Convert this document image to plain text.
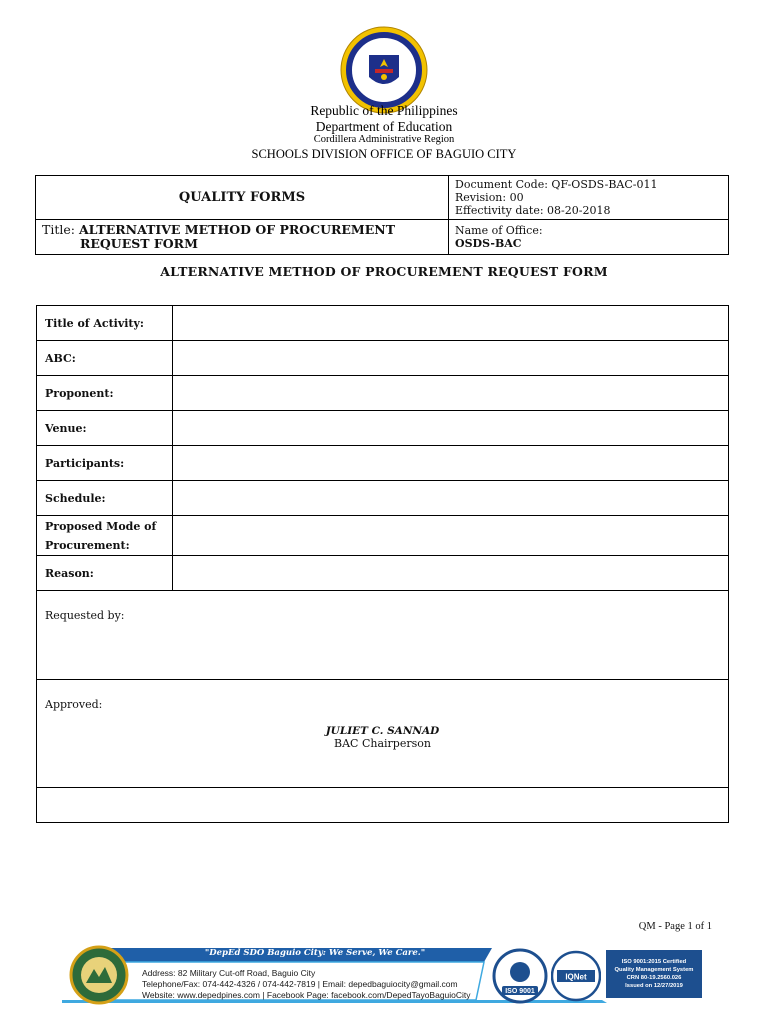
Republic of the Philippines
Department of Education
Cordillera Administrative Region
SCHOOLS DIVISION OFFICE OF BAGUIO CITY
QUALITY FORMS	Document Code: QF-OSDS-BAC-011
Revision: 00
Effectivity date: 08-20-2018

Title: ALTERNATIVE METHOD OF PROCUREMENT
REQUEST FORM	Name of Office:
OSDS-BAC
ALTERNATIVE METHOD OF PROCUREMENT REQUEST FORM
Title of Activity:	
ABC:	
Proponent:	
Venue:	
Participants:	
Schedule:	

Proposed Mode of
Procurement:	

Reason:	
Requested by:	
Approved:
JULIET C. SANNAD
BAC Chairperson	

QM - Page 1 of 1
"DepEd SDO Baguio City: We Serve, We Care."
Address: 82 Military Cut-off Road, Baguio City
Telephone/Fax: 074-442-4326 / 074-442-7819 | Email: depedbaguiocity@gmail.com
Website: www.depedpines.com | Facebook Page: facebook.com/DepedTayoBaguioCity	ISO 9001
IQNet
ISO 9001:2015 Certified
Quality Management System
CRN 80-19.2560.026
Issued on 12/27/2019
